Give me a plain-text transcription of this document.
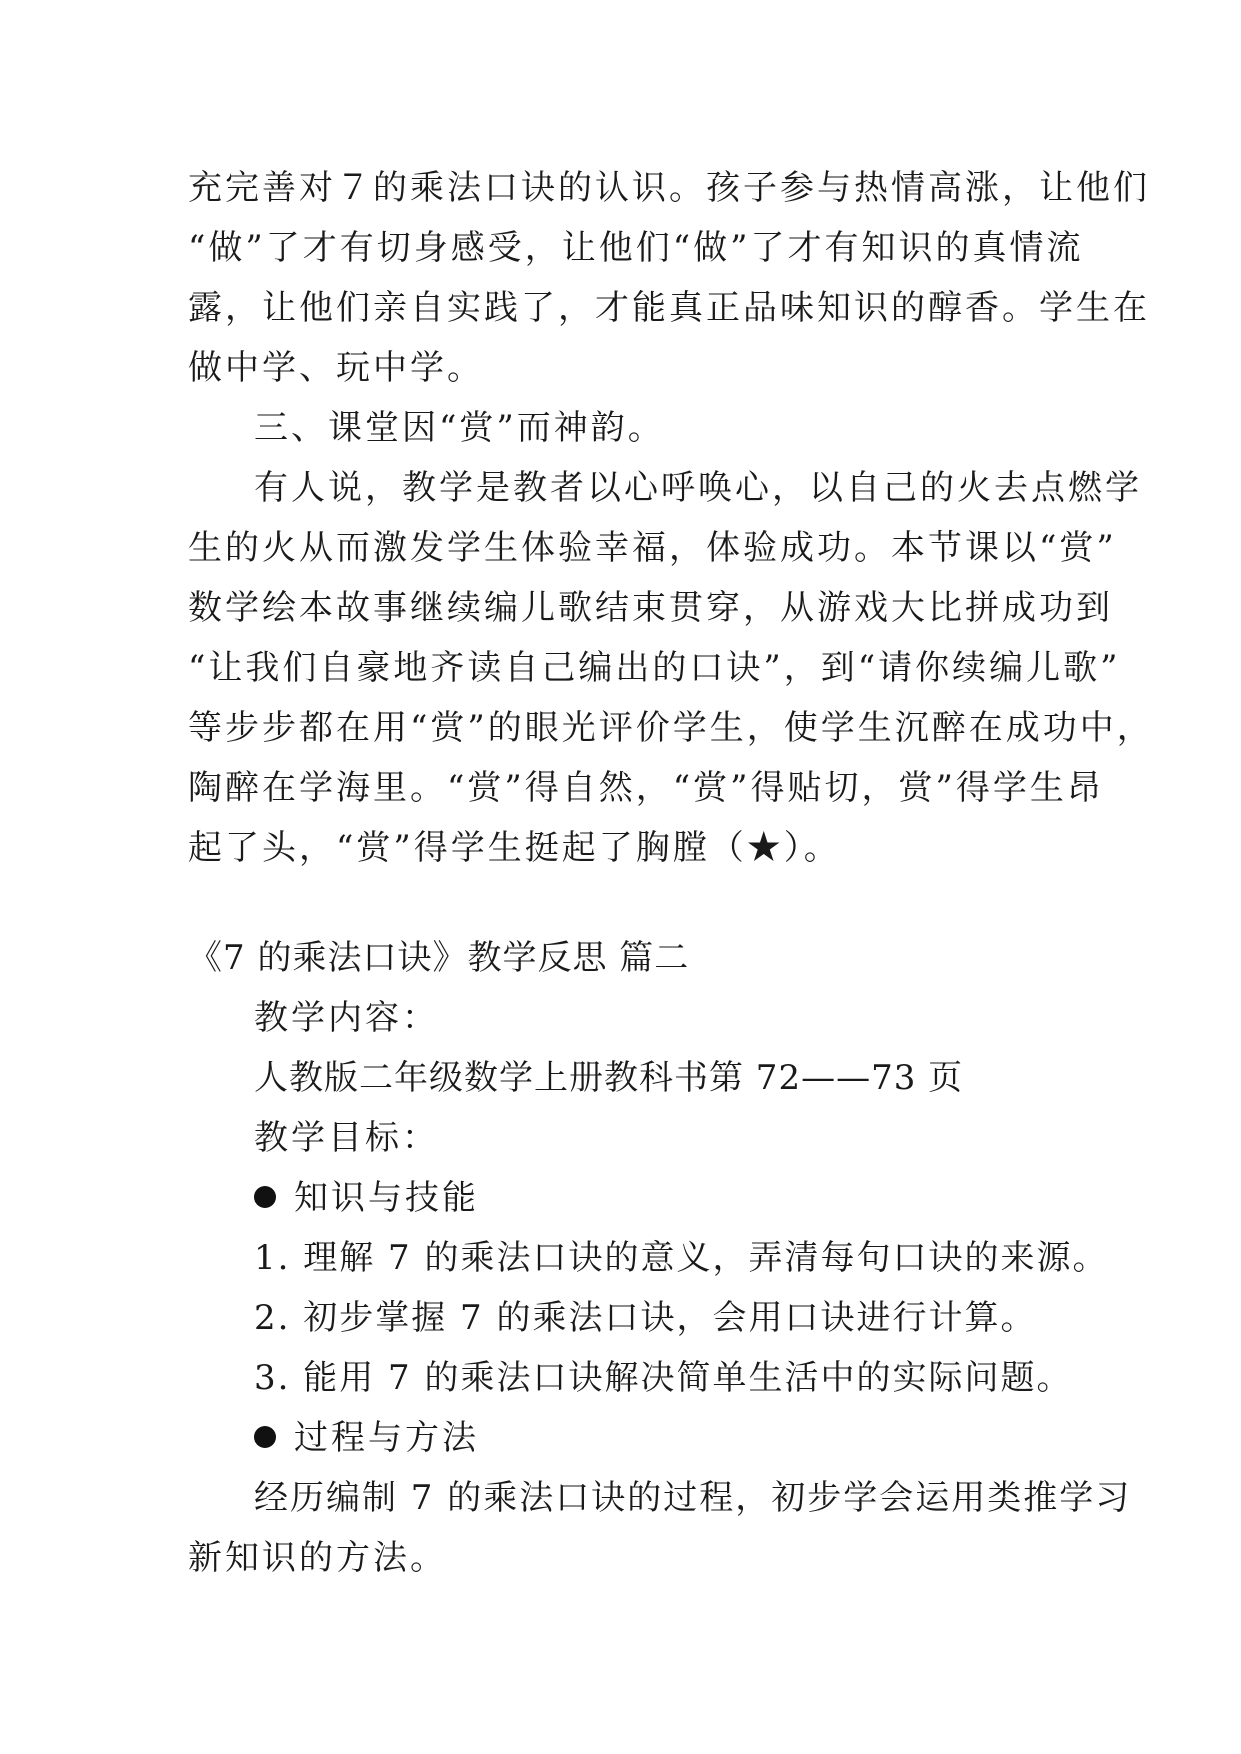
充完善对７的乘法口诀的认识。孩子参与热情高涨，让他们
“做”了才有切身感受，让他们“做”了才有知识的真情流
露，让他们亲自实践了，才能真正品味知识的醇香。学生在
做中学、玩中学。
三、课堂因“赏”而神韵。
有人说，教学是教者以心呼唤心，以自己的火去点燃学
生的火从而激发学生体验幸福，体验成功。本节课以“赏”
数学绘本故事继续编儿歌结束贯穿，从游戏大比拼成功到
“让我们自豪地齐读自己编出的口诀”，到“请你续编儿歌”
等步步都在用“赏”的眼光评价学生，使学生沉醉在成功中，
陶醉在学海里。“赏”得自然，“赏”得贴切，赏”得学生昂
起了头，“赏”得学生挺起了胸膛（★）。
《7 的乘法口诀》教学反思 篇二
教学内容：
人教版二年级数学上册教科书第 72——73 页
教学目标：
知识与技能
1. 理解 7 的乘法口诀的意义，弄清每句口诀的来源。
2. 初步掌握 7 的乘法口诀，会用口诀进行计算。
3. 能用 7 的乘法口诀解决简单生活中的实际问题。
过程与方法
经历编制 7 的乘法口诀的过程，初步学会运用类推学习
新知识的方法。
